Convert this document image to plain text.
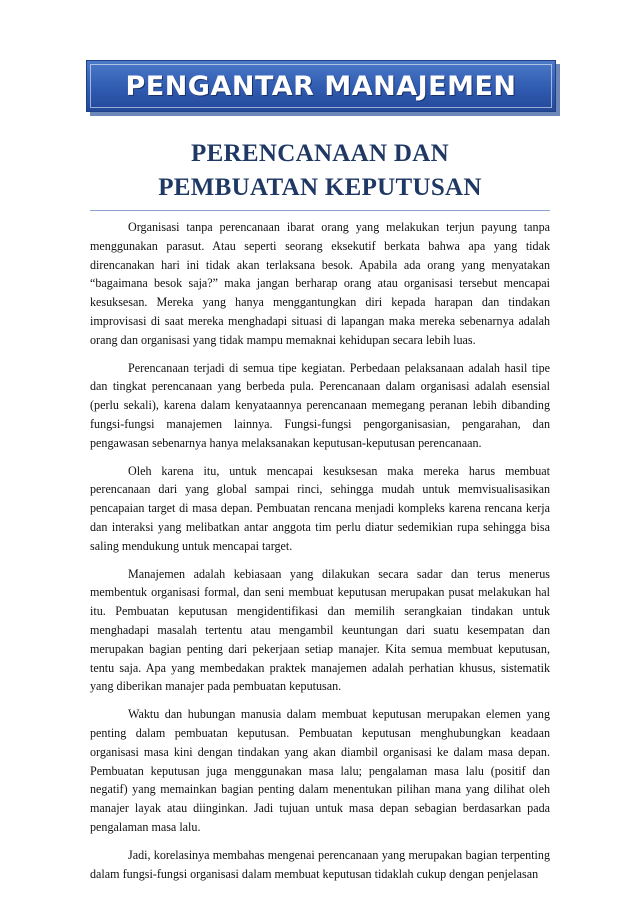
PENGANTAR MANAJEMEN
PERENCANAAN DAN
PEMBUATAN KEPUTUSAN

Organisasi tanpa perencanaan ibarat orang yang melakukan terjun payung tanpa menggunakan parasut. Atau seperti seorang eksekutif berkata bahwa apa yang tidak direncanakan hari ini tidak akan terlaksana besok. Apabila ada orang yang menyatakan “bagaimana besok saja?” maka jangan berharap orang atau organisasi tersebut mencapai kesuksesan. Mereka yang hanya menggantungkan diri kepada harapan dan tindakan improvisasi di saat mereka menghadapi situasi di lapangan maka mereka sebenarnya adalah orang dan organisasi yang tidak mampu memaknai kehidupan secara lebih luas.

Perencanaan terjadi di semua tipe kegiatan. Perbedaan pelaksanaan adalah hasil tipe dan tingkat perencanaan yang berbeda pula. Perencanaan dalam organisasi adalah esensial (perlu sekali), karena dalam kenyataannya perencanaan memegang peranan lebih dibanding fungsi-fungsi manajemen lainnya. Fungsi-fungsi pengorganisasian, pengarahan, dan pengawasan sebenarnya hanya melaksanakan keputusan-keputusan perencanaan.

Oleh karena itu, untuk mencapai kesuksesan maka mereka harus membuat perencanaan dari yang global sampai rinci, sehingga mudah untuk memvisualisasikan pencapaian target di masa depan. Pembuatan rencana menjadi kompleks karena rencana kerja dan interaksi yang melibatkan antar anggota tim perlu diatur sedemikian rupa sehingga bisa saling mendukung untuk mencapai target.

Manajemen adalah kebiasaan yang dilakukan secara sadar dan terus menerus membentuk organisasi formal, dan seni membuat keputusan merupakan pusat melakukan hal itu. Pembuatan keputusan mengidentifikasi dan memilih serangkaian tindakan untuk menghadapi masalah tertentu atau mengambil keuntungan dari suatu kesempatan dan merupakan bagian penting dari pekerjaan setiap manajer. Kita semua membuat keputusan, tentu saja. Apa yang membedakan praktek manajemen adalah perhatian khusus, sistematik yang diberikan manajer pada pembuatan keputusan.

Waktu dan hubungan manusia dalam membuat keputusan merupakan elemen yang penting dalam pembuatan keputusan. Pembuatan keputusan menghubungkan keadaan organisasi masa kini dengan tindakan yang akan diambil organisasi ke dalam masa depan. Pembuatan keputusan juga menggunakan masa lalu; pengalaman masa lalu (positif dan negatif) yang memainkan bagian penting dalam menentukan pilihan mana yang dilihat oleh manajer layak atau diinginkan. Jadi tujuan untuk masa depan sebagian berdasarkan pada pengalaman masa lalu.

Jadi, korelasinya membahas mengenai perencanaan yang merupakan bagian terpenting dalam fungsi-fungsi organisasi dalam membuat keputusan tidaklah cukup dengan penjelasan
